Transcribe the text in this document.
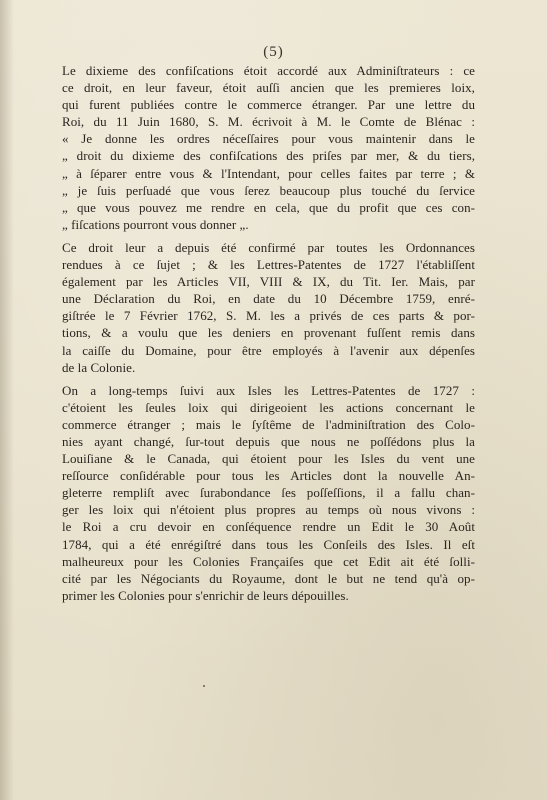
(5)
Le dixieme des confiſcations étoit accordé aux Adminiſtrateurs : ce
ce droit, en leur faveur, étoit auſſi ancien que les premieres loix,
qui furent publiées contre le commerce étranger. Par une lettre du
Roi, du 11 Juin 1680, S. M. écrivoit à M. le Comte de Blénac :
« Je donne les ordres néceſſaires pour vous maintenir dans le
„ droit du dixieme des confiſcations des priſes par mer, & du tiers,
„ à ſéparer entre vous & l'Intendant, pour celles faites par terre ; &
„ je ſuis perſuadé que vous ſerez beaucoup plus touché du ſervice
„ que vous pouvez me rendre en cela, que du profit que ces con-
„ fiſcations pourront vous donner „.
Ce droit leur a depuis été confirmé par toutes les Ordonnances
rendues à ce ſujet ; & les Lettres-Patentes de 1727 l'établiſſent
également par les Articles VII, VIII & IX, du Tit. Ier. Mais, par
une Déclaration du Roi, en date du 10 Décembre 1759, enré-
giſtrée le 7 Février 1762, S. M. les a privés de ces parts & por-
tions, & a voulu que les deniers en provenant fuſſent remis dans
la caiſſe du Domaine, pour être employés à l'avenir aux dépenſes
de la Colonie.
On a long-temps ſuivi aux Isles les Lettres-Patentes de 1727 :
c'étoient les ſeules loix qui dirigeoient les actions concernant le
commerce étranger ; mais le ſyſtême de l'adminiſtration des Colo-
nies ayant changé, ſur-tout depuis que nous ne poſſédons plus la
Louiſiane & le Canada, qui étoient pour les Isles du vent une
reſſource conſidérable pour tous les Articles dont la nouvelle An-
gleterre rempliſt avec ſurabondance ſes poſſeſſions, il a fallu chan-
ger les loix qui n'étoient plus propres au temps où nous vivons :
le Roi a cru devoir en conſéquence rendre un Edit le 30 Août
1784, qui a été enrégiſtré dans tous les Conſeils des Isles. Il eſt
malheureux pour les Colonies Françaiſes que cet Edit ait été ſolli-
cité par les Négociants du Royaume, dont le but ne tend qu'à op-
primer les Colonies pour s'enrichir de leurs dépouilles.
